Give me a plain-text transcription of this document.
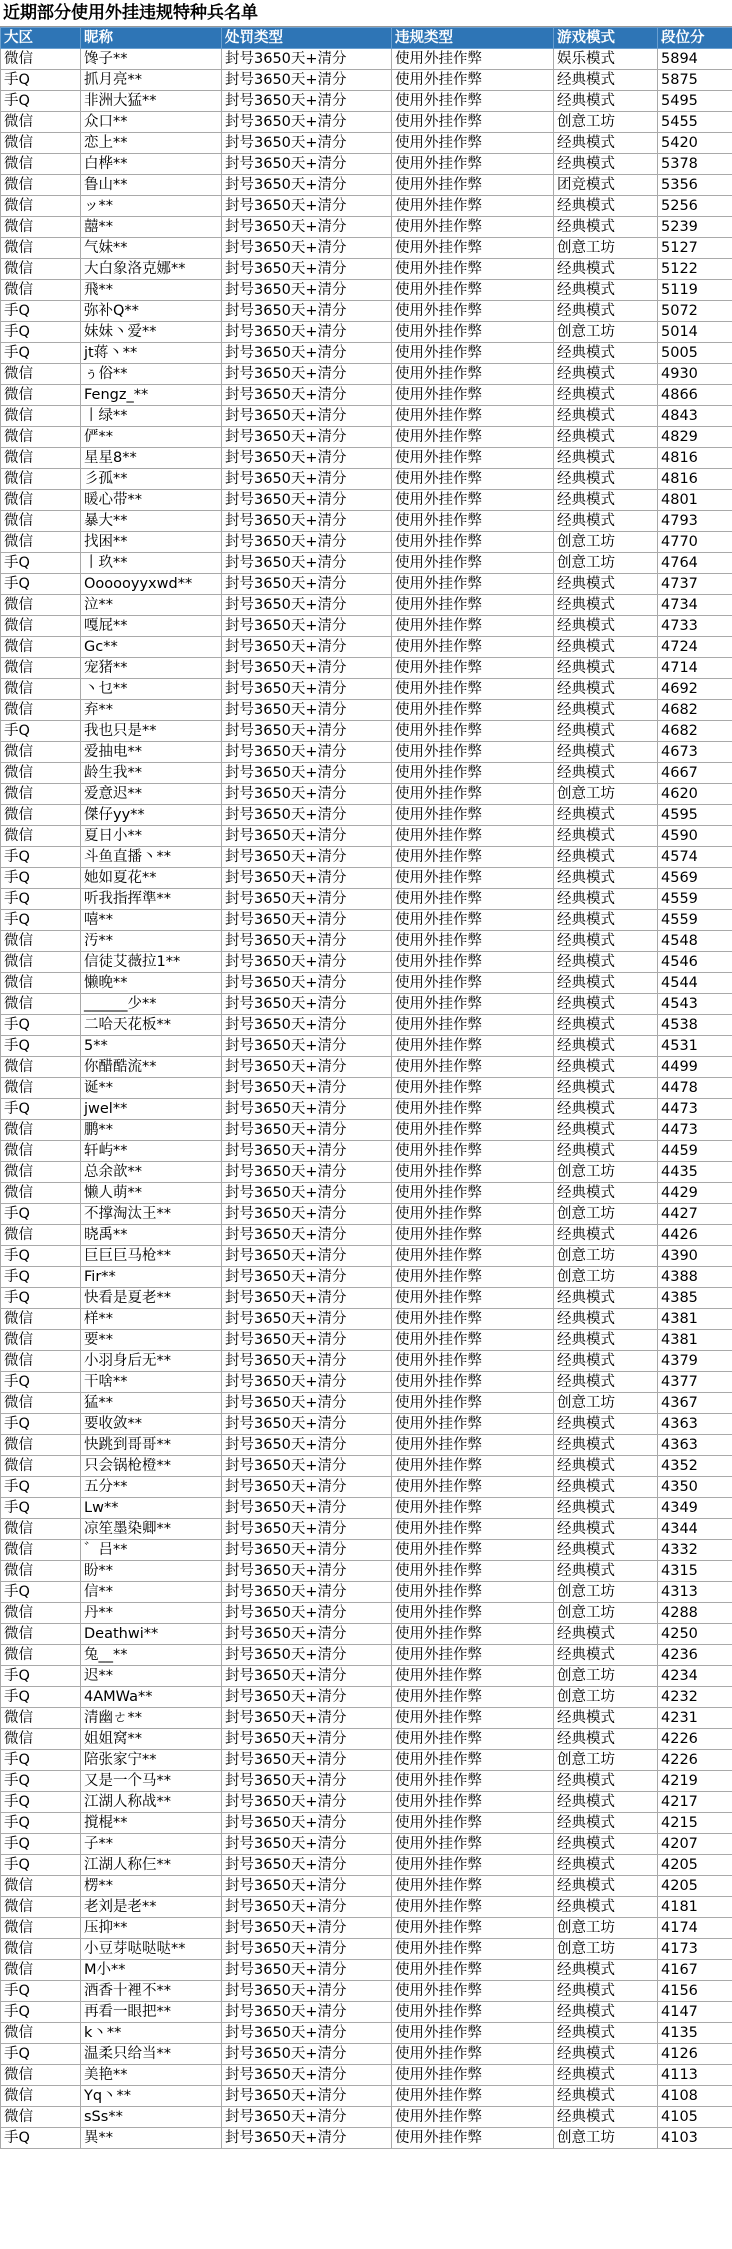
近期部分使用外挂违规特种兵名单
大区	昵称	处罚类型	违规类型	游戏模式	段位分
微信	馋子**	封号3650天+清分	使用外挂作弊	娱乐模式	5894
手Q	抓月亮**	封号3650天+清分	使用外挂作弊	经典模式	5875
手Q	非洲大猛**	封号3650天+清分	使用外挂作弊	经典模式	5495
微信	众口**	封号3650天+清分	使用外挂作弊	创意工坊	5455
微信	恋上**	封号3650天+清分	使用外挂作弊	经典模式	5420
微信	白桦**	封号3650天+清分	使用外挂作弊	经典模式	5378
微信	鲁山**	封号3650天+清分	使用外挂作弊	团竞模式	5356
微信	ッ**	封号3650天+清分	使用外挂作弊	经典模式	5256
微信	囍**	封号3650天+清分	使用外挂作弊	经典模式	5239
微信	气妹**	封号3650天+清分	使用外挂作弊	创意工坊	5127
微信	大白象洛克娜**	封号3650天+清分	使用外挂作弊	经典模式	5122
微信	飛**	封号3650天+清分	使用外挂作弊	经典模式	5119
手Q	弥补Q**	封号3650天+清分	使用外挂作弊	经典模式	5072
手Q	妹妹丶爱**	封号3650天+清分	使用外挂作弊	创意工坊	5014
手Q	jt蒋丶**	封号3650天+清分	使用外挂作弊	经典模式	5005
微信	ぅ俗**	封号3650天+清分	使用外挂作弊	经典模式	4930
微信	Fengz_**	封号3650天+清分	使用外挂作弊	经典模式	4866
微信	丨绿**	封号3650天+清分	使用外挂作弊	经典模式	4843
微信	俨**	封号3650天+清分	使用外挂作弊	经典模式	4829
微信	星星8**	封号3650天+清分	使用外挂作弊	经典模式	4816
微信	彡孤**	封号3650天+清分	使用外挂作弊	经典模式	4816
微信	暖心带**	封号3650天+清分	使用外挂作弊	经典模式	4801
微信	暴大**	封号3650天+清分	使用外挂作弊	经典模式	4793
微信	找困**	封号3650天+清分	使用外挂作弊	创意工坊	4770
手Q	丨玖**	封号3650天+清分	使用外挂作弊	创意工坊	4764
手Q	Oooooyyxwd**	封号3650天+清分	使用外挂作弊	经典模式	4737
微信	泣**	封号3650天+清分	使用外挂作弊	经典模式	4734
微信	嘎屁**	封号3650天+清分	使用外挂作弊	经典模式	4733
微信	Gc**	封号3650天+清分	使用外挂作弊	经典模式	4724
微信	宠猪**	封号3650天+清分	使用外挂作弊	经典模式	4714
微信	丶乜**	封号3650天+清分	使用外挂作弊	经典模式	4692
微信	弃**	封号3650天+清分	使用外挂作弊	经典模式	4682
手Q	我也只是**	封号3650天+清分	使用外挂作弊	经典模式	4682
微信	爱抽电**	封号3650天+清分	使用外挂作弊	经典模式	4673
微信	龄生我**	封号3650天+清分	使用外挂作弊	经典模式	4667
微信	爱意迟**	封号3650天+清分	使用外挂作弊	创意工坊	4620
微信	傑仔yy**	封号3650天+清分	使用外挂作弊	经典模式	4595
微信	夏日小**	封号3650天+清分	使用外挂作弊	经典模式	4590
手Q	斗鱼直播丶**	封号3650天+清分	使用外挂作弊	经典模式	4574
手Q	她如夏花**	封号3650天+清分	使用外挂作弊	经典模式	4569
手Q	听我指挥準**	封号3650天+清分	使用外挂作弊	经典模式	4559
手Q	嘻**	封号3650天+清分	使用外挂作弊	经典模式	4559
微信	汚**	封号3650天+清分	使用外挂作弊	经典模式	4548
微信	信徒艾薇拉1**	封号3650天+清分	使用外挂作弊	经典模式	4546
微信	懒晚**	封号3650天+清分	使用外挂作弊	经典模式	4544
微信	______少**	封号3650天+清分	使用外挂作弊	经典模式	4543
手Q	二哈天花板**	封号3650天+清分	使用外挂作弊	经典模式	4538
手Q	5**	封号3650天+清分	使用外挂作弊	经典模式	4531
微信	你醋酷流**	封号3650天+清分	使用外挂作弊	经典模式	4499
微信	诞**	封号3650天+清分	使用外挂作弊	经典模式	4478
手Q	jwel**	封号3650天+清分	使用外挂作弊	经典模式	4473
微信	鹏**	封号3650天+清分	使用外挂作弊	经典模式	4473
微信	轩屿**	封号3650天+清分	使用外挂作弊	经典模式	4459
微信	总余歆**	封号3650天+清分	使用外挂作弊	创意工坊	4435
微信	懒人萌**	封号3650天+清分	使用外挂作弊	经典模式	4429
手Q	不撑淘汰王**	封号3650天+清分	使用外挂作弊	创意工坊	4427
微信	晓禹**	封号3650天+清分	使用外挂作弊	经典模式	4426
手Q	巨巨巨马枪**	封号3650天+清分	使用外挂作弊	创意工坊	4390
手Q	Fir**	封号3650天+清分	使用外挂作弊	创意工坊	4388
手Q	快看是夏老**	封号3650天+清分	使用外挂作弊	经典模式	4385
微信	样**	封号3650天+清分	使用外挂作弊	经典模式	4381
微信	要**	封号3650天+清分	使用外挂作弊	经典模式	4381
微信	小羽身后无**	封号3650天+清分	使用外挂作弊	经典模式	4379
手Q	干啥**	封号3650天+清分	使用外挂作弊	经典模式	4377
微信	猛**	封号3650天+清分	使用外挂作弊	创意工坊	4367
手Q	要收敛**	封号3650天+清分	使用外挂作弊	经典模式	4363
微信	快跳到哥哥**	封号3650天+清分	使用外挂作弊	经典模式	4363
微信	只会锅枪橙**	封号3650天+清分	使用外挂作弊	经典模式	4352
手Q	五分**	封号3650天+清分	使用外挂作弊	经典模式	4350
手Q	Lw**	封号3650天+清分	使用外挂作弊	经典模式	4349
微信	凉笙墨染卿**	封号3650天+清分	使用外挂作弊	经典模式	4344
微信	゛吕**	封号3650天+清分	使用外挂作弊	经典模式	4332
微信	盼**	封号3650天+清分	使用外挂作弊	经典模式	4315
手Q	信**	封号3650天+清分	使用外挂作弊	创意工坊	4313
微信	丹**	封号3650天+清分	使用外挂作弊	创意工坊	4288
微信	Deathwi**	封号3650天+清分	使用外挂作弊	经典模式	4250
微信	兔__**	封号3650天+清分	使用外挂作弊	经典模式	4236
手Q	迟**	封号3650天+清分	使用外挂作弊	创意工坊	4234
手Q	4AMWa**	封号3650天+清分	使用外挂作弊	创意工坊	4232
微信	清幽ㄜ**	封号3650天+清分	使用外挂作弊	经典模式	4231
微信	姐姐窝**	封号3650天+清分	使用外挂作弊	经典模式	4226
手Q	陪张家宁**	封号3650天+清分	使用外挂作弊	创意工坊	4226
手Q	又是一个马**	封号3650天+清分	使用外挂作弊	经典模式	4219
手Q	江湖人称战**	封号3650天+清分	使用外挂作弊	经典模式	4217
手Q	撹棍**	封号3650天+清分	使用外挂作弊	经典模式	4215
手Q	子**	封号3650天+清分	使用外挂作弊	经典模式	4207
手Q	江湖人称仨**	封号3650天+清分	使用外挂作弊	经典模式	4205
微信	楞**	封号3650天+清分	使用外挂作弊	经典模式	4205
微信	老刘是老**	封号3650天+清分	使用外挂作弊	经典模式	4181
微信	压抑**	封号3650天+清分	使用外挂作弊	创意工坊	4174
微信	小豆芽哒哒哒**	封号3650天+清分	使用外挂作弊	创意工坊	4173
微信	M小**	封号3650天+清分	使用外挂作弊	经典模式	4167
手Q	酒香十裡不**	封号3650天+清分	使用外挂作弊	经典模式	4156
手Q	再看一眼把**	封号3650天+清分	使用外挂作弊	经典模式	4147
微信	k丶**	封号3650天+清分	使用外挂作弊	经典模式	4135
手Q	温柔只给当**	封号3650天+清分	使用外挂作弊	经典模式	4126
微信	美艳**	封号3650天+清分	使用外挂作弊	经典模式	4113
微信	Yq丶**	封号3650天+清分	使用外挂作弊	经典模式	4108
微信	sSs**	封号3650天+清分	使用外挂作弊	经典模式	4105
手Q	異**	封号3650天+清分	使用外挂作弊	创意工坊	4103
